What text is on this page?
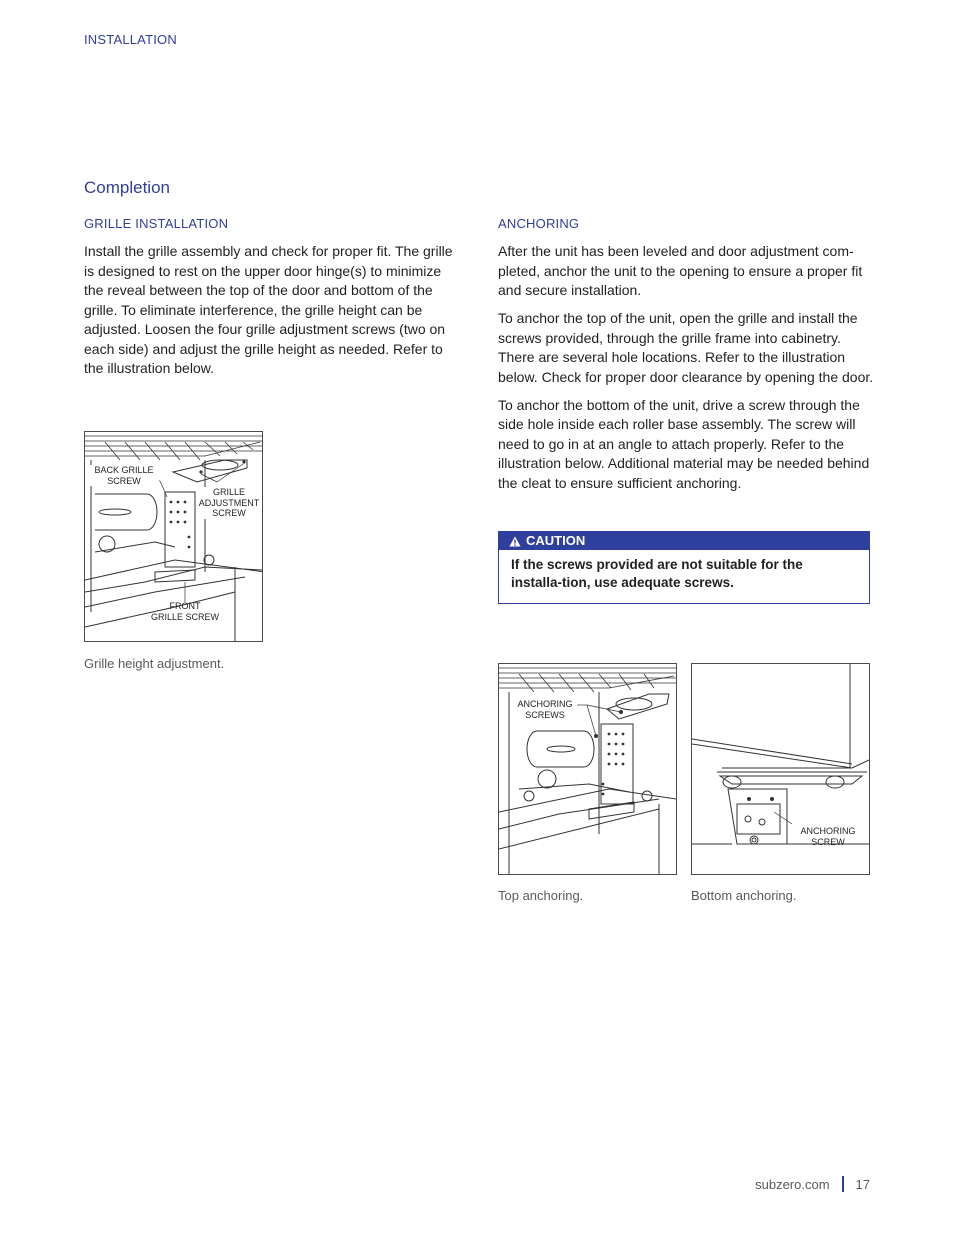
INSTALLATION
Completion
GRILLE INSTALLATION

Install the grille assembly and check for proper fit. The grille is designed to rest on the upper door hinge(s) to minimize the reveal between the top of the door and bottom of the grille. To eliminate interference, the grille height can be adjusted. Loosen the four grille adjustment screws (two on each side) and adjust the grille height as needed. Refer to the illustration below.

BACK GRILLE
SCREW
GRILLE
ADJUSTMENT
SCREW
FRONT
GRILLE SCREW
Grille height adjustment.
ANCHORING

After the unit has been leveled and door adjustment com-pleted, anchor the unit to the opening to ensure a proper fit and secure installation.

To anchor the top of the unit, open the grille and install the screws provided, through the grille frame into cabinetry. There are several hole locations. Refer to the illustration below. Check for proper door clearance by opening the door.

To anchor the bottom of the unit, drive a screw through the side hole inside each roller base assembly. The screw will need to go in at an angle to attach properly. Refer to the illustration below. Additional material may be needed behind the cleat to ensure sufficient anchoring.

CAUTION
If the screws provided are not suitable for the installa-tion, use adequate screws.
ANCHORING
SCREWS
Top anchoring.
ANCHORING
SCREW
Bottom anchoring.
subzero.com 17
